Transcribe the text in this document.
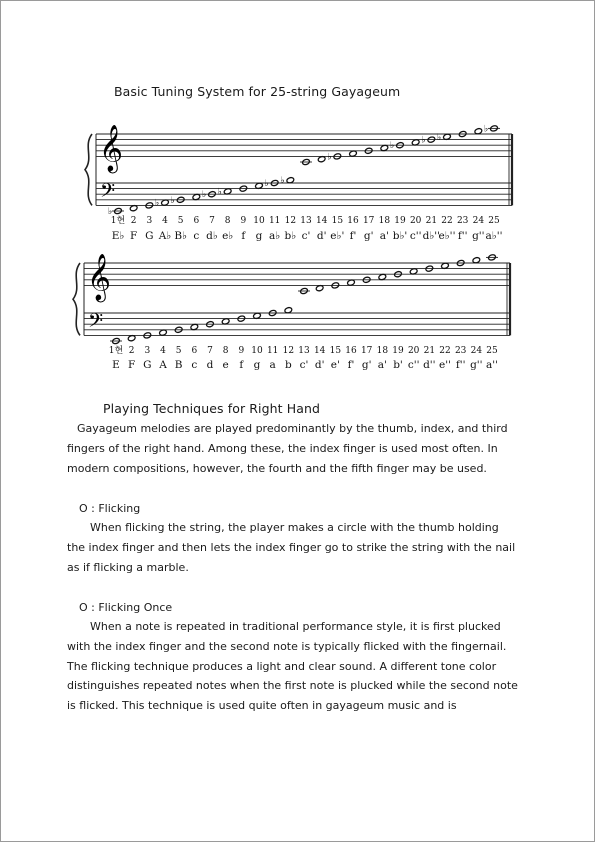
Basic Tuning System for 25-string Gayageum
𝄞
𝄢
♭
1현
E♭
2
F
3
G
♭
4
A♭
♭
5
B♭
6
c
♭
7
d♭
♭
8
e♭
9
f
10
g
♭
11
a♭
♭
12
b♭
13
c'
14
d'
♭
15
e♭'
16
f'
17
g'
18
a'
♭
19
b♭'
20
c''
♭
21
d♭''
♭
22
e♭''
23
f''
24
g''
♭
25
a♭''
𝄞
𝄢
1현
E
2
F
3
G
4
A
5
B
6
c
7
d
8
e
9
f
10
g
11
a
12
b
13
c'
14
d'
15
e'
16
f'
17
g'
18
a'
19
b'
20
c''
21
d''
22
e''
23
f''
24
g''
25
a''
Playing Techniques for Right Hand
Gayageum melodies are played predominantly by the thumb, index, and third
fingers of the right hand. Among these, the index finger is used most often. In
modern compositions, however, the fourth and the fifth finger may be used.
O : Flicking
When flicking the string, the player makes a circle with the thumb holding
the index finger and then lets the index finger go to strike the string with the nail
as if flicking a marble.
O : Flicking Once
When a note is repeated in traditional performance style, it is first plucked
with the index finger and the second note is typically flicked with the fingernail.
The flicking technique produces a light and clear sound. A different tone color
distinguishes repeated notes when the first note is plucked while the second note
is flicked. This technique is used quite often in gayageum music and is
